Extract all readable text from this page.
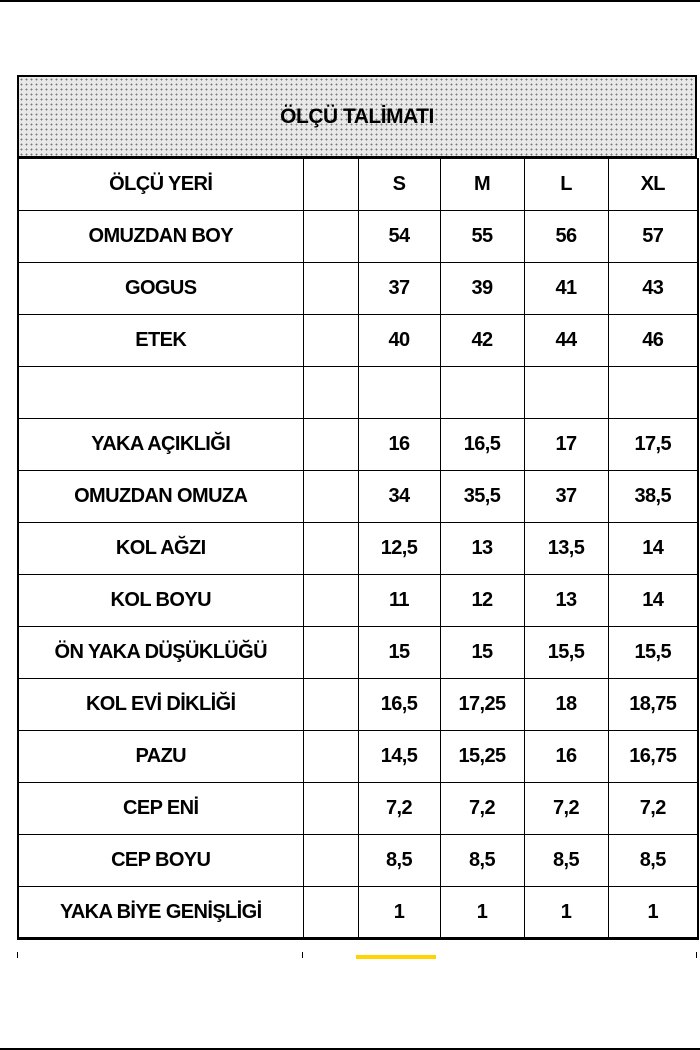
ÖLÇÜ TALİMATI
ÖLÇÜ YERİ		S	M	L	XL
OMUZDAN BOY		54	55	56	57
GOGUS		37	39	41	43
ETEK		40	42	44	46

YAKA AÇIKLIĞI		16	16,5	17	17,5
OMUZDAN OMUZA		34	35,5	37	38,5
KOL AĞZI		12,5	13	13,5	14
KOL BOYU		11	12	13	14
ÖN YAKA DÜŞÜKLÜĞÜ		15	15	15,5	15,5
KOL EVİ DİKLİĞİ		16,5	17,25	18	18,75
PAZU		14,5	15,25	16	16,75
CEP ENİ		7,2	7,2	7,2	7,2
CEP BOYU		8,5	8,5	8,5	8,5
YAKA BİYE GENİŞLİGİ		1	1	1	1
